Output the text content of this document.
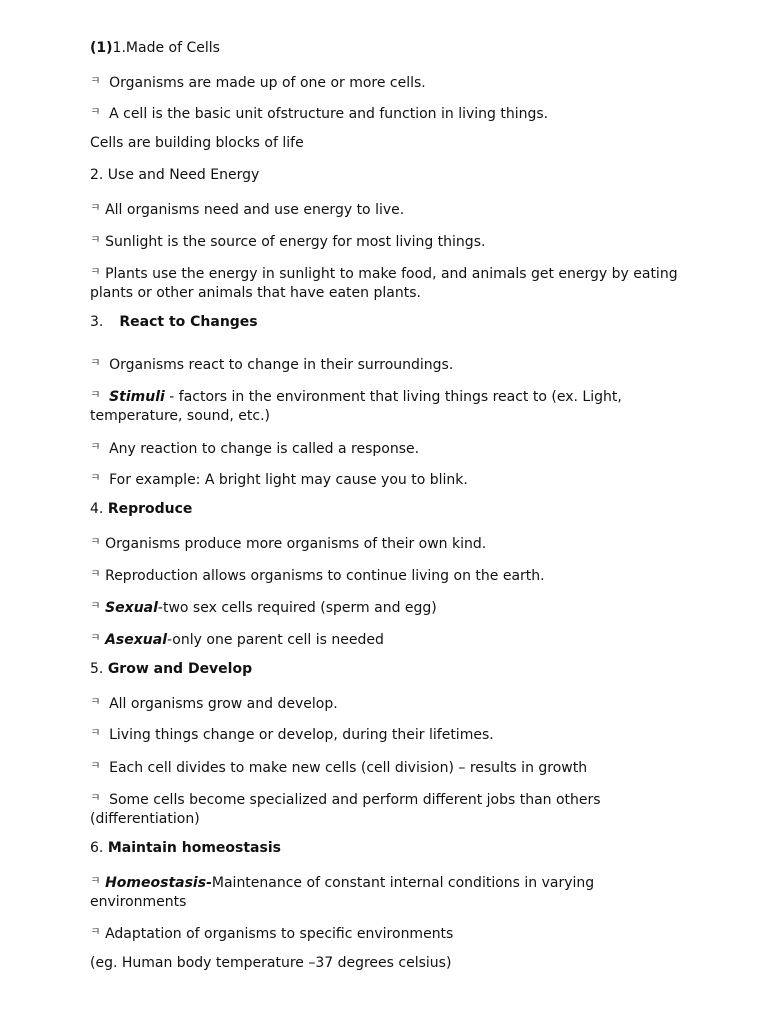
(1)1.Made of Cells
ㅋ Organisms are made up of one or more cells.
ㅋ A cell is the basic unit ofstructure and function in living things.
Cells are building blocks of life
2. Use and Need Energy
ㅋ All organisms need and use energy to live.
ㅋ Sunlight is the source of energy for most living things.
ㅋ Plants use the energy in sunlight to make food, and animals get energy by eating plants or other animals that have eaten plants.
3. React to Changes
ㅋ Organisms react to change in their surroundings.
ㅋ Stimuli - factors in the environment that living things react to (ex. Light, temperature, sound, etc.)
ㅋ Any reaction to change is called a response.
ㅋ For example: A bright light may cause you to blink.
4. Reproduce
ㅋ Organisms produce more organisms of their own kind.
ㅋ Reproduction allows organisms to continue living on the earth.
ㅋ Sexual-two sex cells required (sperm and egg)
ㅋ Asexual-only one parent cell is needed
5. Grow and Develop
ㅋ All organisms grow and develop.
ㅋ Living things change or develop, during their lifetimes.
ㅋ Each cell divides to make new cells (cell division) – results in growth
ㅋ Some cells become specialized and perform different jobs than others (differentiation)
6. Maintain homeostasis
ㅋ Homeostasis-Maintenance of constant internal conditions in varying environments
ㅋ Adaptation of organisms to specific environments
(eg. Human body temperature –37 degrees celsius)
